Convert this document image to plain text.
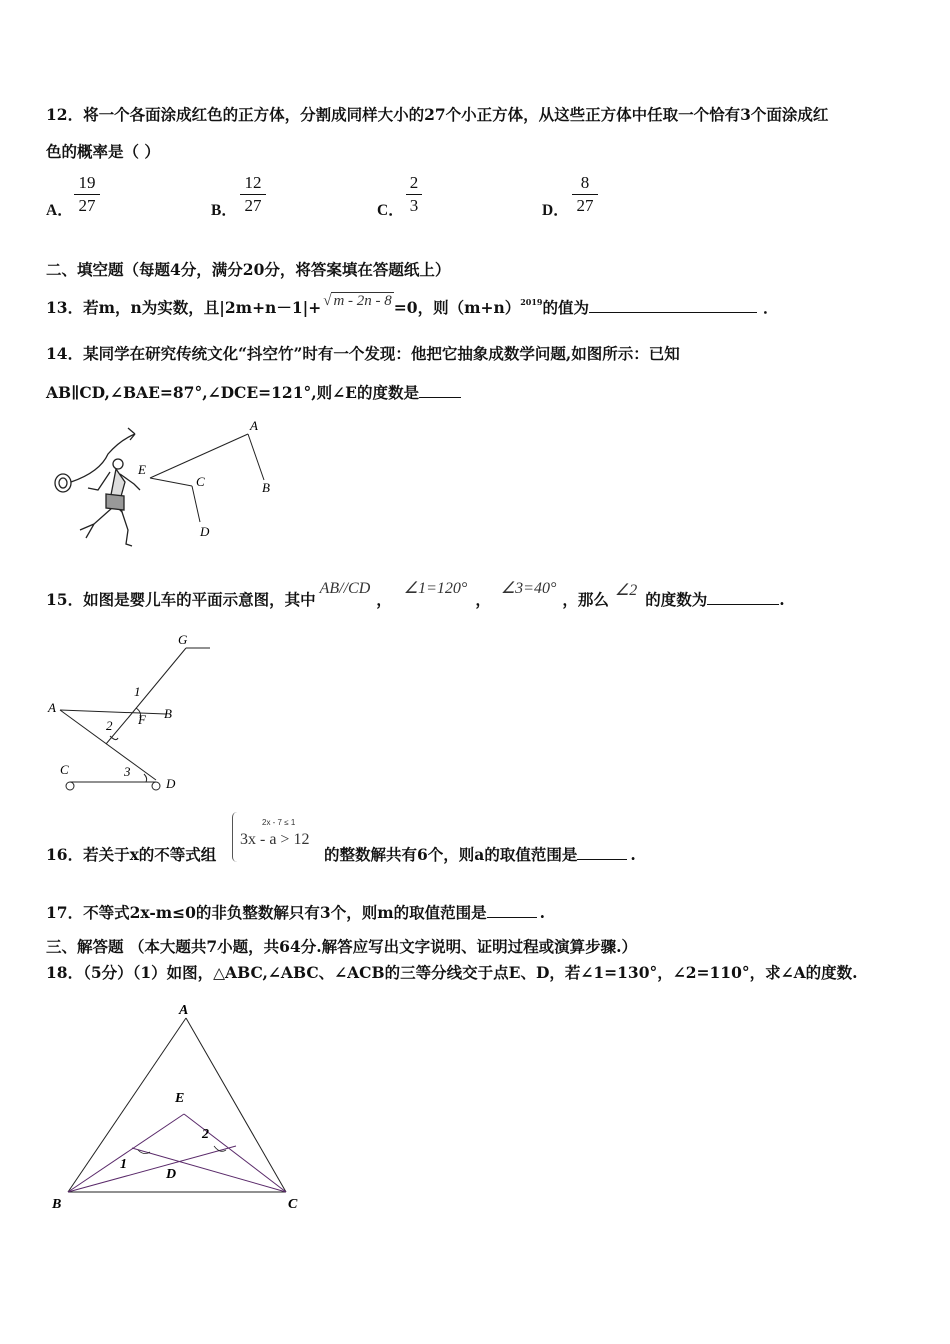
12．将一个各面涂成红色的正方体，分割成同样大小的27个小正方体，从这些正方体中任取一个恰有3个面涂成红
色的概率是（ ）
A．
19
27	B．
12
27	C．
2
3	D．
8
27
二、填空题（每题4分，满分20分，将答案填在答题纸上）
13．若m，n为实数，且|2m+n－1|+ √ m - 2n - 8 =0，则$(m+n)^{2019}$的值为	．
14．某同学在研究传统文化“抖空竹”时有一个发现：他把它抽象成数学问题,如图所示：已知
AB∥CD,∠BAE=87°,∠DCE=121°,则∠E的度数是
A
B
C
D
E
15．如图是婴儿车的平面示意图，其中AB//CD，∠1=120°，∠3=40°，那么 ∠2 的度数为	.
G
A	B
F
1
2
3
C
D
16．若关于x的不等式组
2x - 7 ≤ 1
3x - a > 12
的整数解共有6个，则a的取值范围是	.
17．不等式2x-m≤0的非负整数解只有3个，则m的取值范围是	.
三、解答题 （本大题共7小题，共64分.解答应写出文字说明、证明过程或演算步骤.）
18．（5分）（1）如图，△ABC,∠ABC、∠ACB的三等分线交于点E、D，若∠1=130°，∠2=110°，求∠A的度数.
A
B	C
D
E
1
2
